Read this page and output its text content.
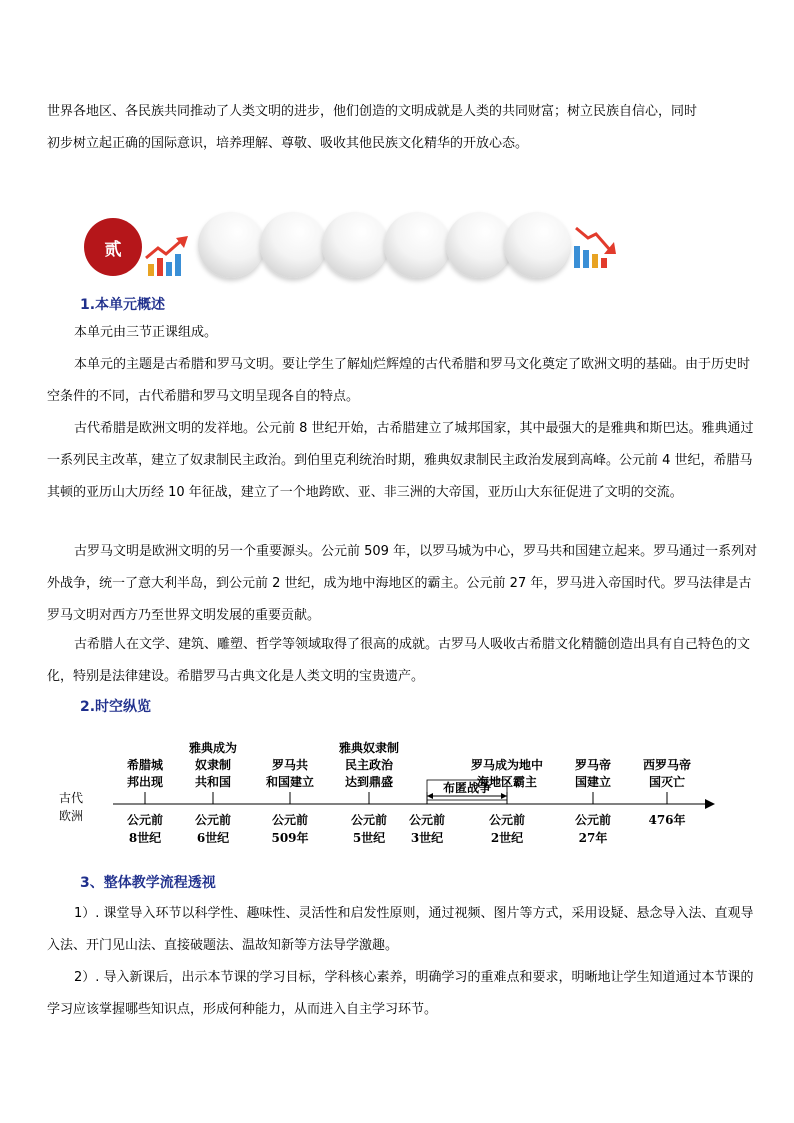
世界各地区、各民族共同推动了人类文明的进步，他们创造的文明成就是人类的共同财富；树立民族自信心，同时

初步树立起正确的国际意识，培养理解、尊敬、吸收其他民族文化精华的开放心态。

贰

1.本单元概述

本单元由三节正课组成。

本单元的主题是古希腊和罗马文明。要让学生了解灿烂辉煌的古代希腊和罗马文化奠定了欧洲文明的基础。由于历史时空条件的不同，古代希腊和罗马文明呈现各自的特点。

古代希腊是欧洲文明的发祥地。公元前 8 世纪开始，古希腊建立了城邦国家，其中最强大的是雅典和斯巴达。雅典通过一系列民主改革，建立了奴隶制民主政治。到伯里克利统治时期，雅典奴隶制民主政治发展到高峰。公元前 4 世纪，希腊马其顿的亚历山大历经 10 年征战，建立了一个地跨欧、亚、非三洲的大帝国，亚历山大东征促进了文明的交流。

古罗马文明是欧洲文明的另一个重要源头。公元前 509 年，以罗马城为中心，罗马共和国建立起来。罗马通过一系列对外战争，统一了意大利半岛，到公元前 2 世纪，成为地中海地区的霸主。公元前 27 年，罗马进入帝国时代。罗马法律是古罗马文明对西方乃至世界文明发展的重要贡献。

古希腊人在文学、建筑、雕塑、哲学等领域取得了很高的成就。古罗马人吸收古希腊文化精髓创造出具有自己特色的文化，特别是法律建设。希腊罗马古典文化是人类文明的宝贵遗产。

2.时空纵览

古代
欧洲
希腊城
邦出现
公元前
8世纪
雅典成为
奴隶制
共和国
公元前
6世纪
罗马共
和国建立
公元前
509年
雅典奴隶制
民主政治
达到鼎盛
公元前
5世纪
公元前
3世纪
罗马成为地中
海地区霸主
公元前
2世纪
罗马帝
国建立
公元前
27年
西罗马帝
国灭亡
476年
布匿战争

3、整体教学流程透视

1）. 课堂导入环节以科学性、趣味性、灵活性和启发性原则，通过视频、图片等方式，采用设疑、悬念导入法、直观导入法、开门见山法、直接破题法、温故知新等方法导学激趣。

2）. 导入新课后，出示本节课的学习目标，学科核心素养，明确学习的重难点和要求，明晰地让学生知道通过本节课的学习应该掌握哪些知识点，形成何种能力，从而进入自主学习环节。
